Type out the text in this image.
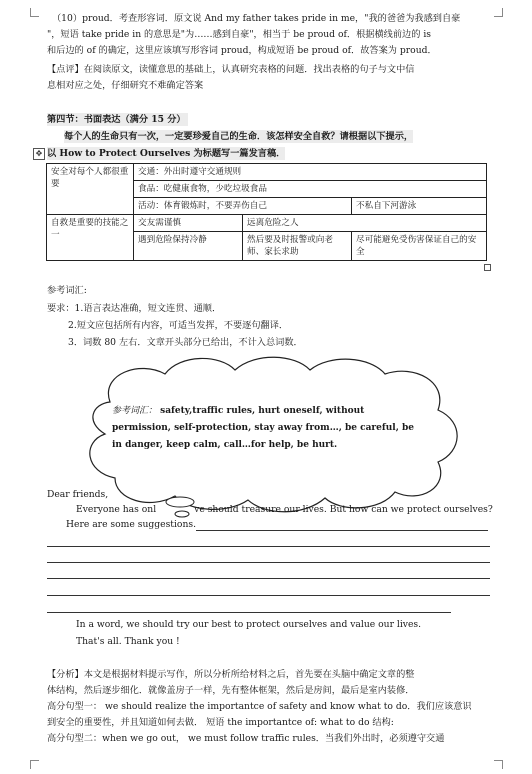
（10）proud．考查形容词．原文说 And my father takes pride in me，"我的爸爸为我感到自豪
"，短语 take pride in 的意思是"为……感到自豪"，相当于 be proud of．根据横线前边的 is
和后边的 of 的确定，这里应该填写形容词 proud，构成短语 be proud of．故答案为 proud．
【点评】在阅读原文，读懂意思的基础上，认真研究表格的问题．找出表格的句子与文中信
息相对应之处，仔细研究不难确定答案
第四节：书面表达（满分 15 分）
每个人的生命只有一次，一定要珍爱自己的生命．该怎样安全自救？请根据以下提示，
以 How to Protect Ourselves 为标题写一篇发言稿．
✥
安全对每个人都很重要	交通：外出时遵守交通规则		
	食品：吃健康食物，少吃垃圾食品		
	活动：体育锻炼时，不要弄伤自己		不私自下河游泳
自救是重要的技能之一	交友需谨慎	远离危险之人	
	遇到危险保持冷静	然后要及时报警或向老师、家长求助	尽可能避免受伤害保证自己的安全
参考词汇:
要求：1.语言表达准确，短文连贯、通顺．
2.短文应包括所有内容，可适当发挥，不要逐句翻译．
3．词数 80 左右．文章开头部分已给出，不计入总词数．
参考词汇： safety,traffic rules, hurt oneself, without
permission, self-protection, stay away from…, be careful, be
in danger, keep calm, call…for help, be hurt.
Dear friends,
Everyone has onl	ve should treasure our lives. But how can we protect ourselves?
Here are some suggestions.
In a word, we should try our best to protect ourselves and value our lives.
That's all. Thank you !
【分析】本文是根据材料提示写作，所以分析所给材料之后，首先要在头脑中确定文章的整
体结构，然后逐步细化．就像盖房子一样，先有整体框架，然后是房间，最后是室内装修．
高分句型一： we should realize the importantce of safety and know what to do．我们应该意识
到安全的重要性，并且知道如何去做． 短语 the importantce of: what to do 结构:
高分句型二：when we go out， we must follow traffic rules．当我们外出时，必须遵守交通
